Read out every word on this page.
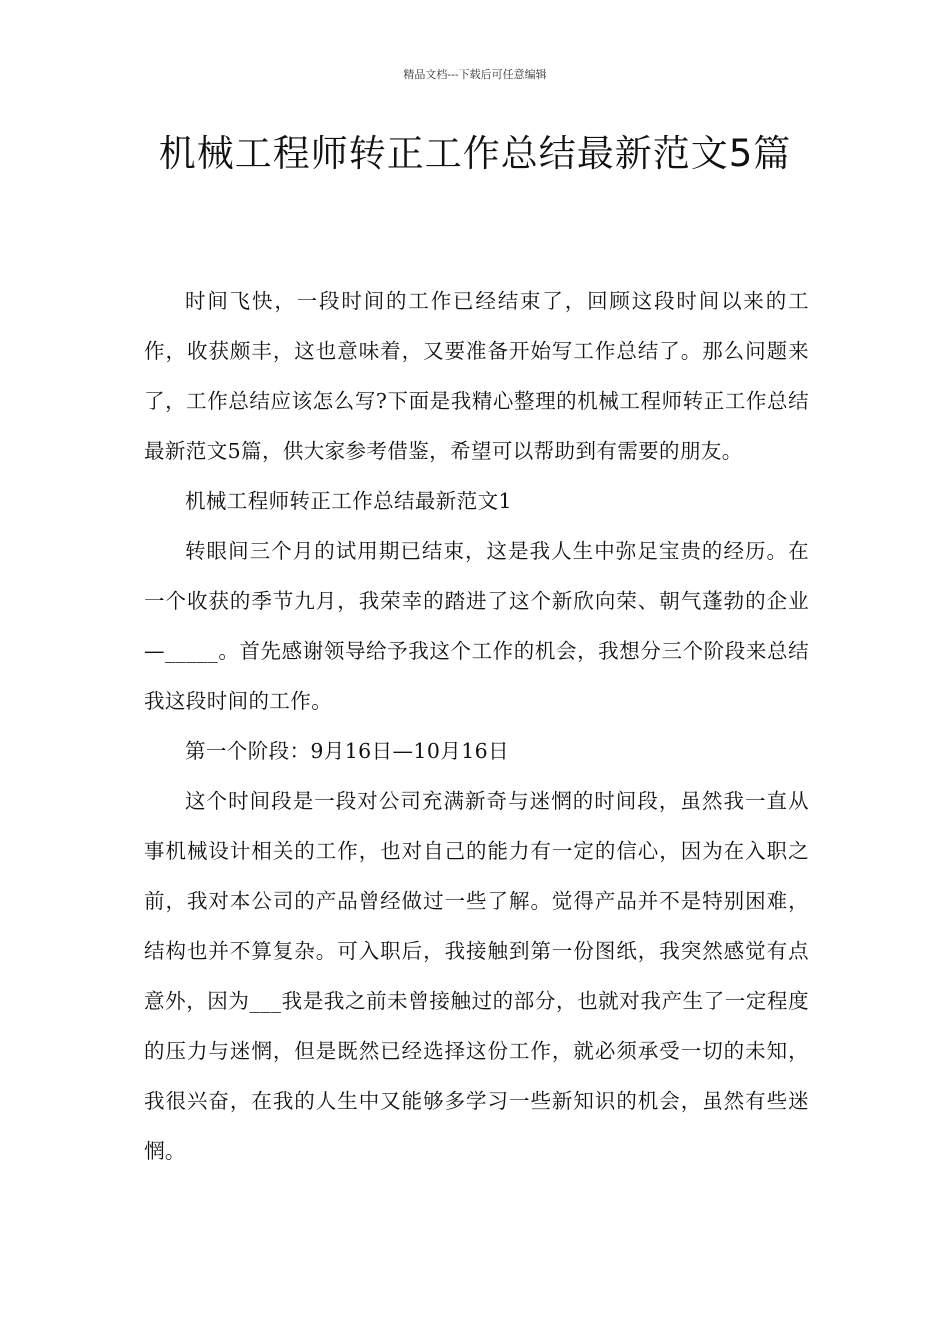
精品文档---下载后可任意编辑
机械工程师转正工作总结最新范文5篇

时间飞快，一段时间的工作已经结束了，回顾这段时间以来的工作，收获颇丰，这也意味着，又要准备开始写工作总结了。那么问题来了，工作总结应该怎么写?下面是我精心整理的机械工程师转正工作总结最新范文5篇，供大家参考借鉴，希望可以帮助到有需要的朋友。

机械工程师转正工作总结最新范文1

转眼间三个月的试用期已结束，这是我人生中弥足宝贵的经历。在一个收获的季节九月，我荣幸的踏进了这个新欣向荣、朝气蓬勃的企业—_____。首先感谢领导给予我这个工作的机会，我想分三个阶段来总结我这段时间的工作。

第一个阶段：9月16日—10月16日

这个时间段是一段对公司充满新奇与迷惘的时间段，虽然我一直从事机械设计相关的工作，也对自己的能力有一定的信心，因为在入职之前，我对本公司的产品曾经做过一些了解。觉得产品并不是特别困难，结构也并不算复杂。可入职后，我接触到第一份图纸，我突然感觉有点意外，因为___我是我之前未曾接触过的部分，也就对我产生了一定程度的压力与迷惘，但是既然已经选择这份工作，就必须承受一切的未知，我很兴奋，在我的人生中又能够多学习一些新知识的机会，虽然有些迷惘。
